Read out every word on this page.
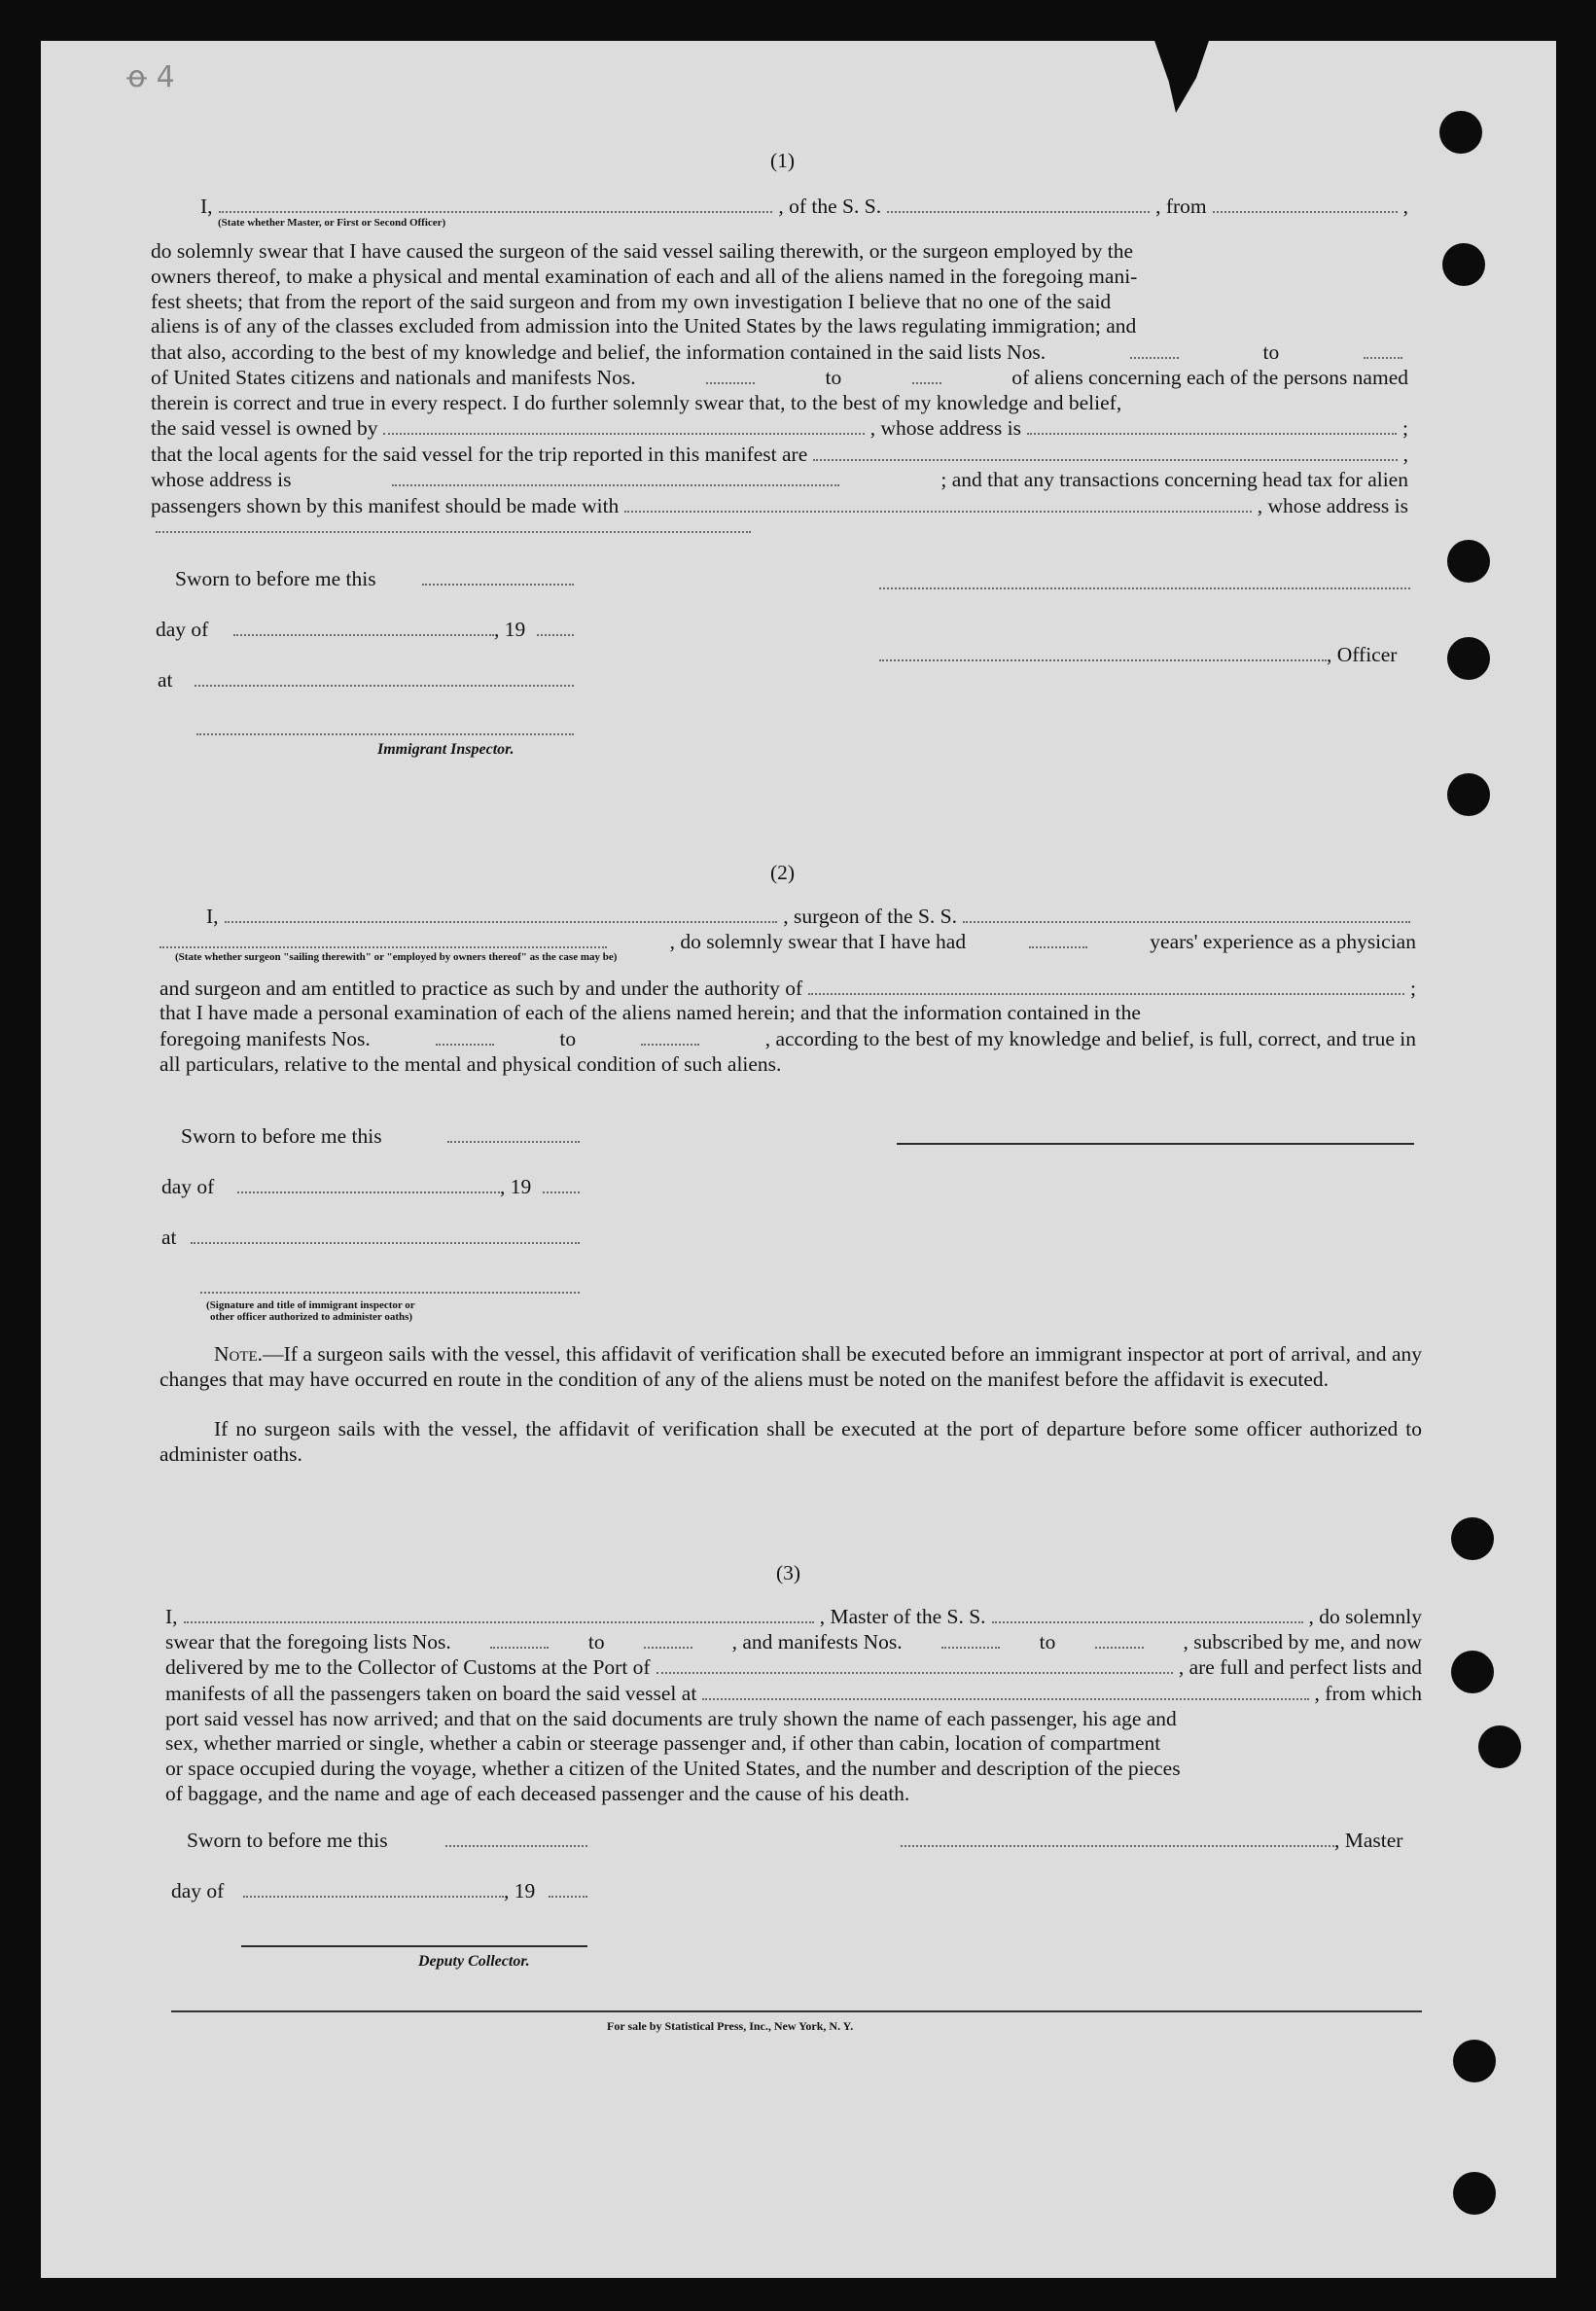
ꝋ 4
(1)
I,	, of the S. S.	, from	,
(State whether Master, or First or Second Officer)
do solemnly swear that I have caused the surgeon of the said vessel sailing therewith, or the surgeon employed by the
owners thereof, to make a physical and mental examination of each and all of the aliens named in the foregoing mani-
fest sheets; that from the report of the said surgeon and from my own investigation I believe that no one of the said
aliens is of any of the classes excluded from admission into the United States by the laws regulating immigration; and
that also, according to the best of my knowledge and belief, the information contained in the said lists Nos.	to
of United States citizens and nationals and manifests Nos.	to	of aliens concerning each of the persons named
therein is correct and true in every respect. I do further solemnly swear that, to the best of my knowledge and belief,
the said vessel is owned by	, whose address is	;
that the local agents for the said vessel for the trip reported in this manifest are	,
whose address is	; and that any transactions concerning head tax for alien
passengers shown by this manifest should be made with	, whose address is
Sworn to before me this
day of	, 19
, Officer
at
Immigrant Inspector.
(2)
I,	, surgeon of the S. S.
, do solemnly swear that I have had	years' experience as a physician
(State whether surgeon "sailing therewith" or "employed by owners thereof" as the case may be)
and surgeon and am entitled to practice as such by and under the authority of	;
that I have made a personal examination of each of the aliens named herein; and that the information contained in the
foregoing manifests Nos.	to	, according to the best of my knowledge and belief, is full, correct, and true in
all particulars, relative to the mental and physical condition of such aliens.
Sworn to before me this
day of	, 19
at
(Signature and title of immigrant inspector or
other officer authorized to administer oaths)
Note.—If a surgeon sails with the vessel, this affidavit of verification shall be executed before an immigrant inspector at port of arrival, and any changes that may have occurred en route in the condition of any of the aliens must be noted on the manifest before the affidavit is executed.
If no surgeon sails with the vessel, the affidavit of verification shall be executed at the port of departure before some officer authorized to administer oaths.
(3)
I,	, Master of the S. S.	, do solemnly
swear that the foregoing lists Nos.	to	, and manifests Nos.	to	, subscribed by me, and now
delivered by me to the Collector of Customs at the Port of	, are full and perfect lists and
manifests of all the passengers taken on board the said vessel at	, from which
port said vessel has now arrived; and that on the said documents are truly shown the name of each passenger, his age and
sex, whether married or single, whether a cabin or steerage passenger and, if other than cabin, location of compartment
or space occupied during the voyage, whether a citizen of the United States, and the number and description of the pieces
of baggage, and the name and age of each deceased passenger and the cause of his death.
Sworn to before me this	, Master
day of	, 19
Deputy Collector.
For sale by Statistical Press, Inc., New York, N. Y.
